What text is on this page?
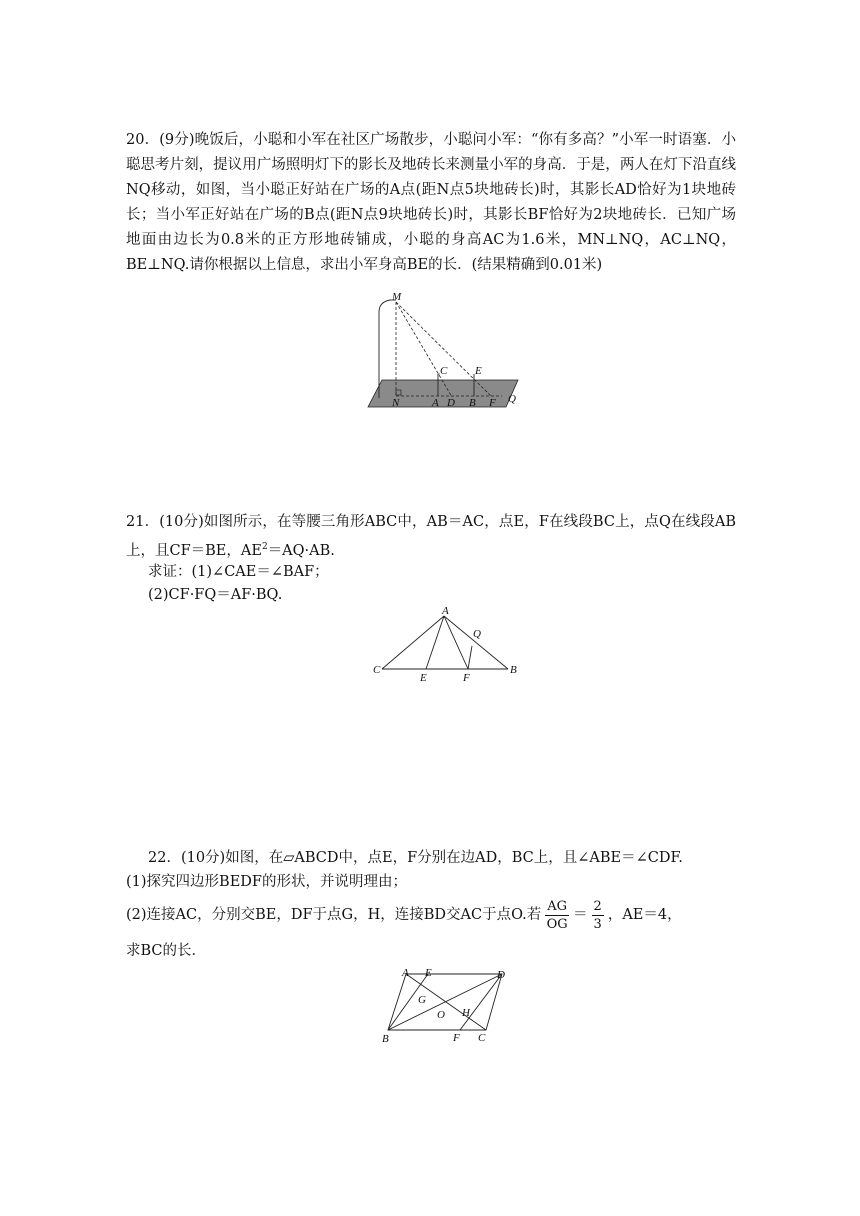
20．(9分)晚饭后，小聪和小军在社区广场散步，小聪问小军：“你有多高？”小军一时语塞．小聪思考片刻，提议用广场照明灯下的影长及地砖长来测量小军的身高．于是，两人在灯下沿直线NQ移动，如图，当小聪正好站在广场的A点(距N点5块地砖长)时，其影长AD恰好为1块地砖长；当小军正好站在广场的B点(距N点9块地砖长)时，其影长BF恰好为2块地砖长．已知广场地面由边长为0.8米的正方形地砖铺成，小聪的身高AC为1.6米，MN⊥NQ，AC⊥NQ，BE⊥NQ.请你根据以上信息，求出小军身高BE的长．(结果精确到0.01米)

M
N	A D B F Q
C	E

21．(10分)如图所示，在等腰三角形ABC中，AB＝AC，点E，F在线段BC上，点Q在线段AB上，且CF＝BE，$AE^2=AQ\cdot AB$.

求证：(1)∠CAE＝∠BAF；
(2)CF·FQ＝AF·BQ.
A
Q
C
E	F
B
22．(10分)如图，在▱ABCD中，点E，F分别在边AD，BC上，且∠ABE＝∠CDF.
(1)探究四边形BEDF的形状，并说明理由；
(2)连接AC，分别交BE，DF于点G，H，连接BD交AC于点O.若 $\frac{AG}{OG} = \frac{2}{3}$ ，AE＝4，
求BC的长．
A E	D
G
O H
B	F C
